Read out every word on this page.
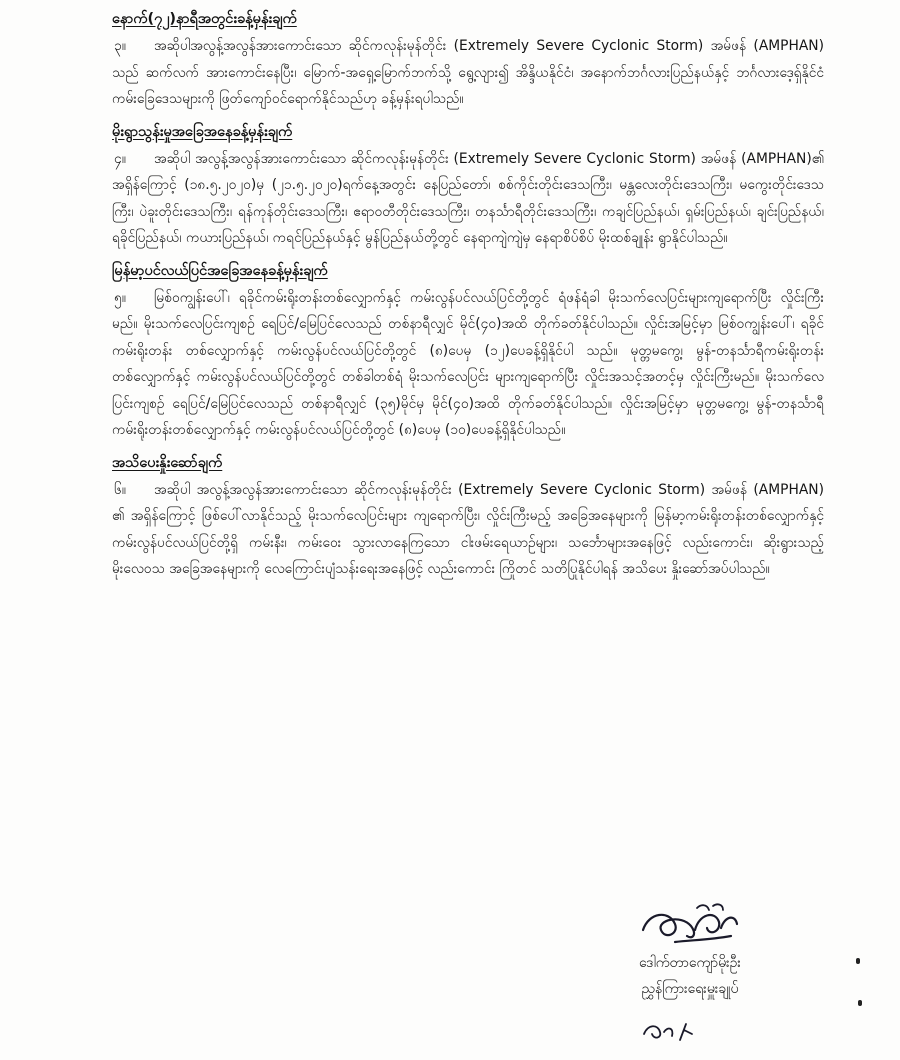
နောက်(၇၂)နာရီအတွင်းခန့်မှန်းချက်

၃။ အဆိုပါအလွန့်အလွန်အားကောင်းသော ဆိုင်ကလုန်းမုန်တိုင်း (Extremely Severe Cyclonic Storm) အမ်ဖန် (AMPHAN) သည် ဆက်လက် အားကောင်းနေပြီး၊ မြောက်-အရှေ့မြောက်ဘက်သို့ ရွေ့လျား၍ အိန္ဒိယနိုင်ငံ၊ အနောက်ဘင်္ဂလားပြည်နယ်နှင့် ဘင်္ဂလားဒေ့ရှ်နိုင်ငံ ကမ်းခြေဒေသများကို ဖြတ်ကျော်ဝင်ရောက်နိုင်သည်ဟု ခန့်မှန်းရပါသည်။

မိုးရွာသွန်းမှုအခြေအနေခန့်မှန်းချက်

၄။ အဆိုပါ အလွန့်အလွန်အားကောင်းသော ဆိုင်ကလုန်းမုန်တိုင်း (Extremely Severe Cyclonic Storm) အမ်ဖန် (AMPHAN)၏ အရှိန်ကြောင့် (၁၈.၅.၂၀၂၀)မှ (၂၁.၅.၂၀၂၀)ရက်နေ့အတွင်း နေပြည်တော်၊ စစ်ကိုင်းတိုင်းဒေသကြီး၊ မန္တလေးတိုင်းဒေသကြီး၊ မကွေးတိုင်းဒေသကြီး၊ ပဲခူးတိုင်းဒေသကြီး၊ ရန်ကုန်တိုင်းဒေသကြီး၊ ဧရာဝတီတိုင်းဒေသကြီး၊ တနင်္သာရီတိုင်းဒေသကြီး၊ ကချင်ပြည်နယ်၊ ရှမ်းပြည်နယ်၊ ချင်းပြည်နယ်၊ ရခိုင်ပြည်နယ်၊ ကယားပြည်နယ်၊ ကရင်ပြည်နယ်နှင့် မွန်ပြည်နယ်တို့တွင် နေရာကျဲကျဲမှ နေရာစိပ်စိပ် မိုးထစ်ချုန်း ရွာနိုင်ပါသည်။

မြန်မာ့ပင်လယ်ပြင်အခြေအနေခန့်မှန်းချက်

၅။ မြစ်ဝကျွန်းပေါ်၊ ရခိုင်ကမ်းရိုးတန်းတစ်လျှောက်နှင့် ကမ်းလွန်ပင်လယ်ပြင်တို့တွင် ရံဖန်ရံခါ မိုးသက်လေပြင်းများကျရောက်ပြီး လှိုင်းကြီးမည်။ မိုးသက်လေပြင်းကျစဉ် ရေပြင်/မြေပြင်လေသည် တစ်နာရီလျှင် မိုင်(၄၀)အထိ တိုက်ခတ်နိုင်ပါသည်။ လှိုင်းအမြင့်မှာ မြစ်ဝကျွန်းပေါ်၊ ရခိုင်ကမ်းရိုးတန်း တစ်လျှောက်နှင့် ကမ်းလွန်ပင်လယ်ပြင်တို့တွင် (၈)ပေမှ (၁၂)ပေခန့်ရှိနိုင်ပါ သည်။ မုတ္တမကွေ့၊ မွန်-တနင်္သာရီကမ်းရိုးတန်းတစ်လျှောက်နှင့် ကမ်းလွန်ပင်လယ်ပြင်တို့တွင် တစ်ခါတစ်ရံ မိုးသက်လေပြင်း များကျရောက်ပြီး လှိုင်းအသင့်အတင့်မှ လှိုင်းကြီးမည်။ မိုးသက်လေပြင်းကျစဉ် ရေပြင်/မြေပြင်လေသည် တစ်နာရီလျှင် (၃၅)မိုင်မှ မိုင်(၄၀)အထိ တိုက်ခတ်နိုင်ပါသည်။ လှိုင်းအမြင့်မှာ မုတ္တမကွေ့၊ မွန်-တနင်္သာရီ ကမ်းရိုးတန်းတစ်လျှောက်နှင့် ကမ်းလွန်ပင်လယ်ပြင်တို့တွင် (၈)ပေမှ (၁၀)ပေခန့်ရှိနိုင်ပါသည်။

အသိပေးနှိုးဆော်ချက်

၆။ အဆိုပါ အလွန့်အလွန်အားကောင်းသော ဆိုင်ကလုန်းမုန်တိုင်း (Extremely Severe Cyclonic Storm) အမ်ဖန် (AMPHAN) ၏ အရှိန်ကြောင့် ဖြစ်ပေါ်လာနိုင်သည့် မိုးသက်လေပြင်းများ ကျရောက်ပြီး၊ လှိုင်းကြီးမည့် အခြေအနေများကို မြန်မာ့ကမ်းရိုးတန်းတစ်လျှောက်နှင့် ကမ်းလွန်ပင်လယ်ပြင်တို့ရှိ ကမ်းနီး၊ ကမ်းဝေး သွားလာနေကြသော ငါးဖမ်းရေယာဉ်များ၊ သင်္ဘောများအနေဖြင့် လည်းကောင်း၊ ဆိုးရွားသည့် မိုးလေဝသ အခြေအနေများကို လေကြောင်းပျံသန်းရေးအနေဖြင့် လည်းကောင်း ကြိုတင် သတိပြုနိုင်ပါရန် အသိပေး နှိုးဆော်အပ်ပါသည်။

ဒေါက်တာကျော်မိုးဦး
ညွှန်ကြားရေးမှူးချုပ်
